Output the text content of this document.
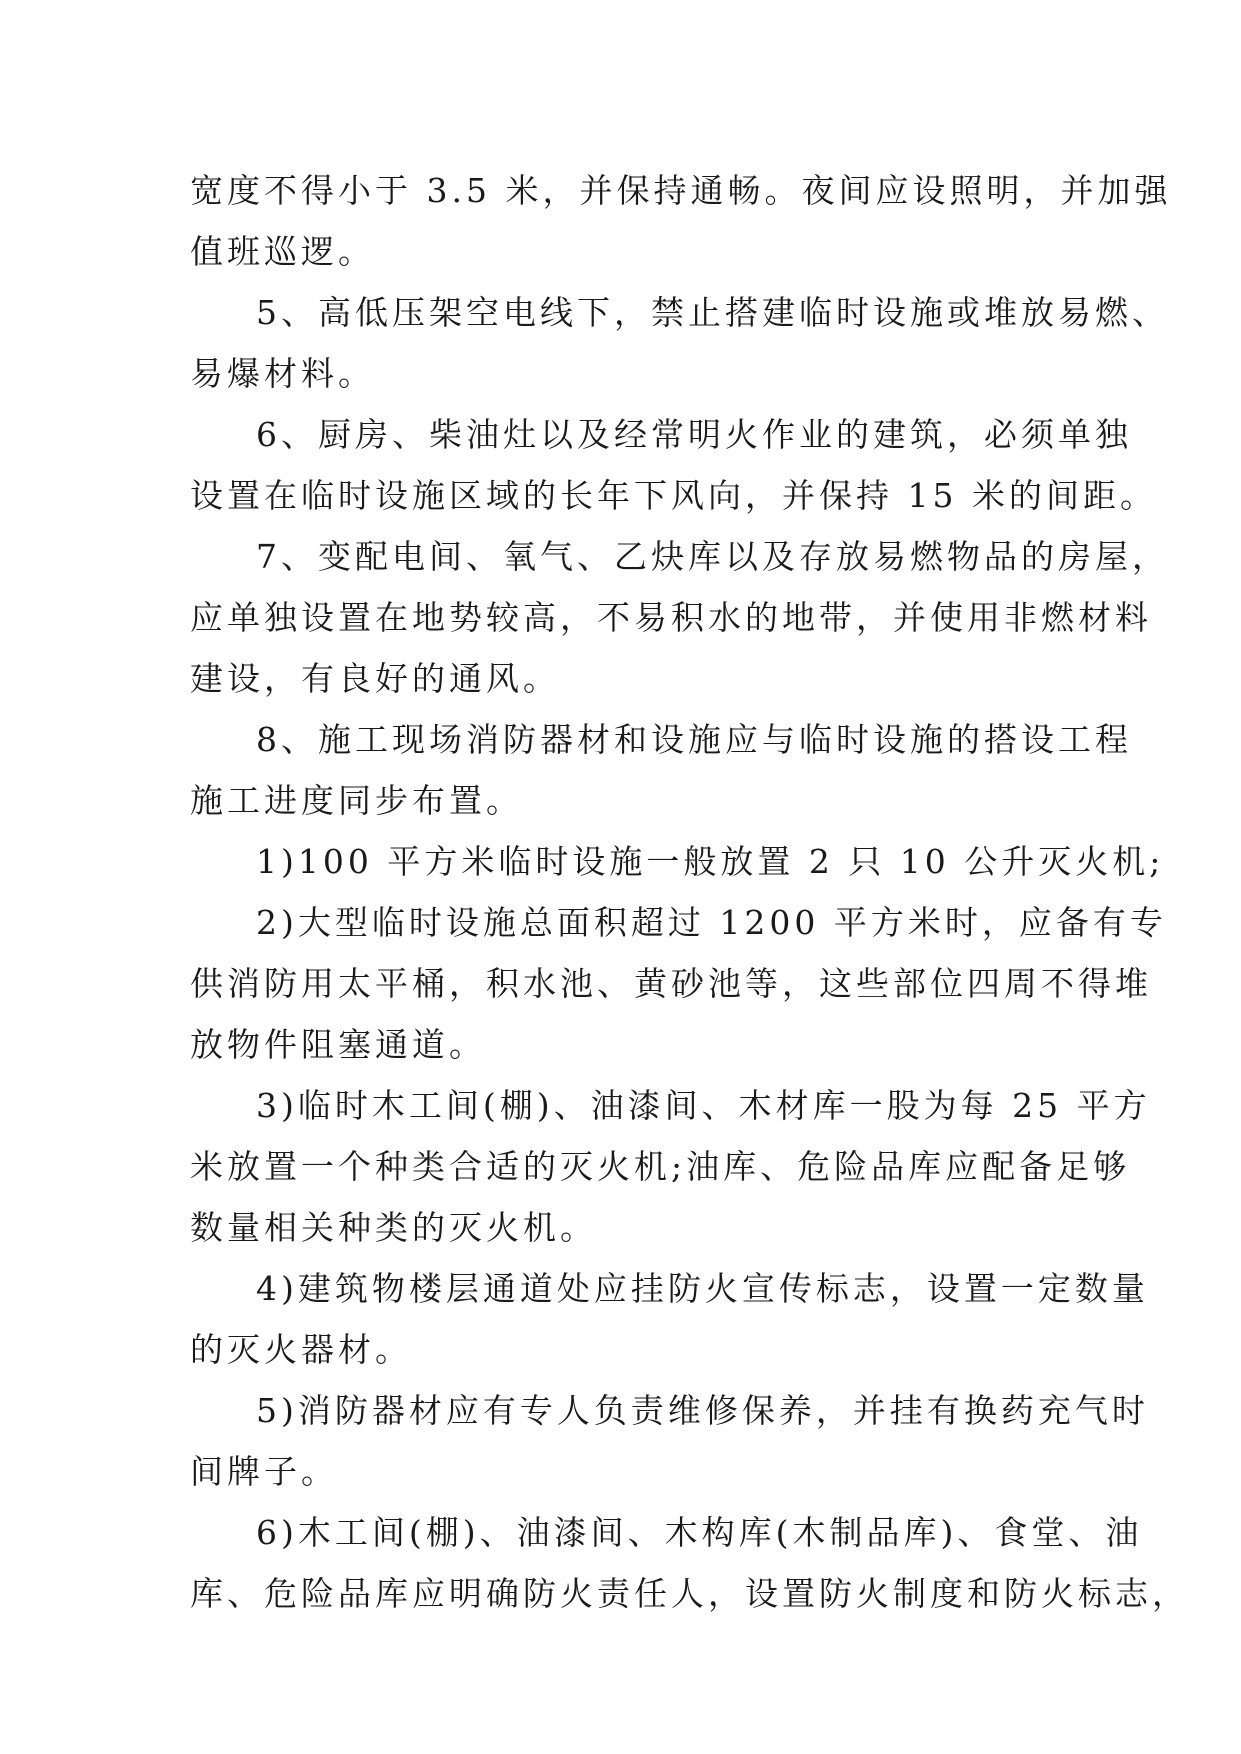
宽度不得小于 3.5 米，并保持通畅。夜间应设照明，并加强
值班巡逻。
5、高低压架空电线下，禁止搭建临时设施或堆放易燃、
易爆材料。
6、厨房、柴油灶以及经常明火作业的建筑，必须单独
设置在临时设施区域的长年下风向，并保持 15 米的间距。
7、变配电间、氧气、乙炔库以及存放易燃物品的房屋，
应单独设置在地势较高，不易积水的地带，并使用非燃材料
建设，有良好的通风。
8、施工现场消防器材和设施应与临时设施的搭设工程
施工进度同步布置。
1)100 平方米临时设施一般放置 2 只 10 公升灭火机;
2)大型临时设施总面积超过 1200 平方米时，应备有专
供消防用太平桶，积水池、黄砂池等，这些部位四周不得堆
放物件阻塞通道。
3)临时木工间(棚)、油漆间、木材库一股为每 25 平方
米放置一个种类合适的灭火机;油库、危险品库应配备足够
数量相关种类的灭火机。
4)建筑物楼层通道处应挂防火宣传标志，设置一定数量
的灭火器材。
5)消防器材应有专人负责维修保养，并挂有换药充气时
间牌子。
6)木工间(棚)、油漆间、木构库(木制品库)、食堂、油
库、危险品库应明确防火责任人，设置防火制度和防火标志，
